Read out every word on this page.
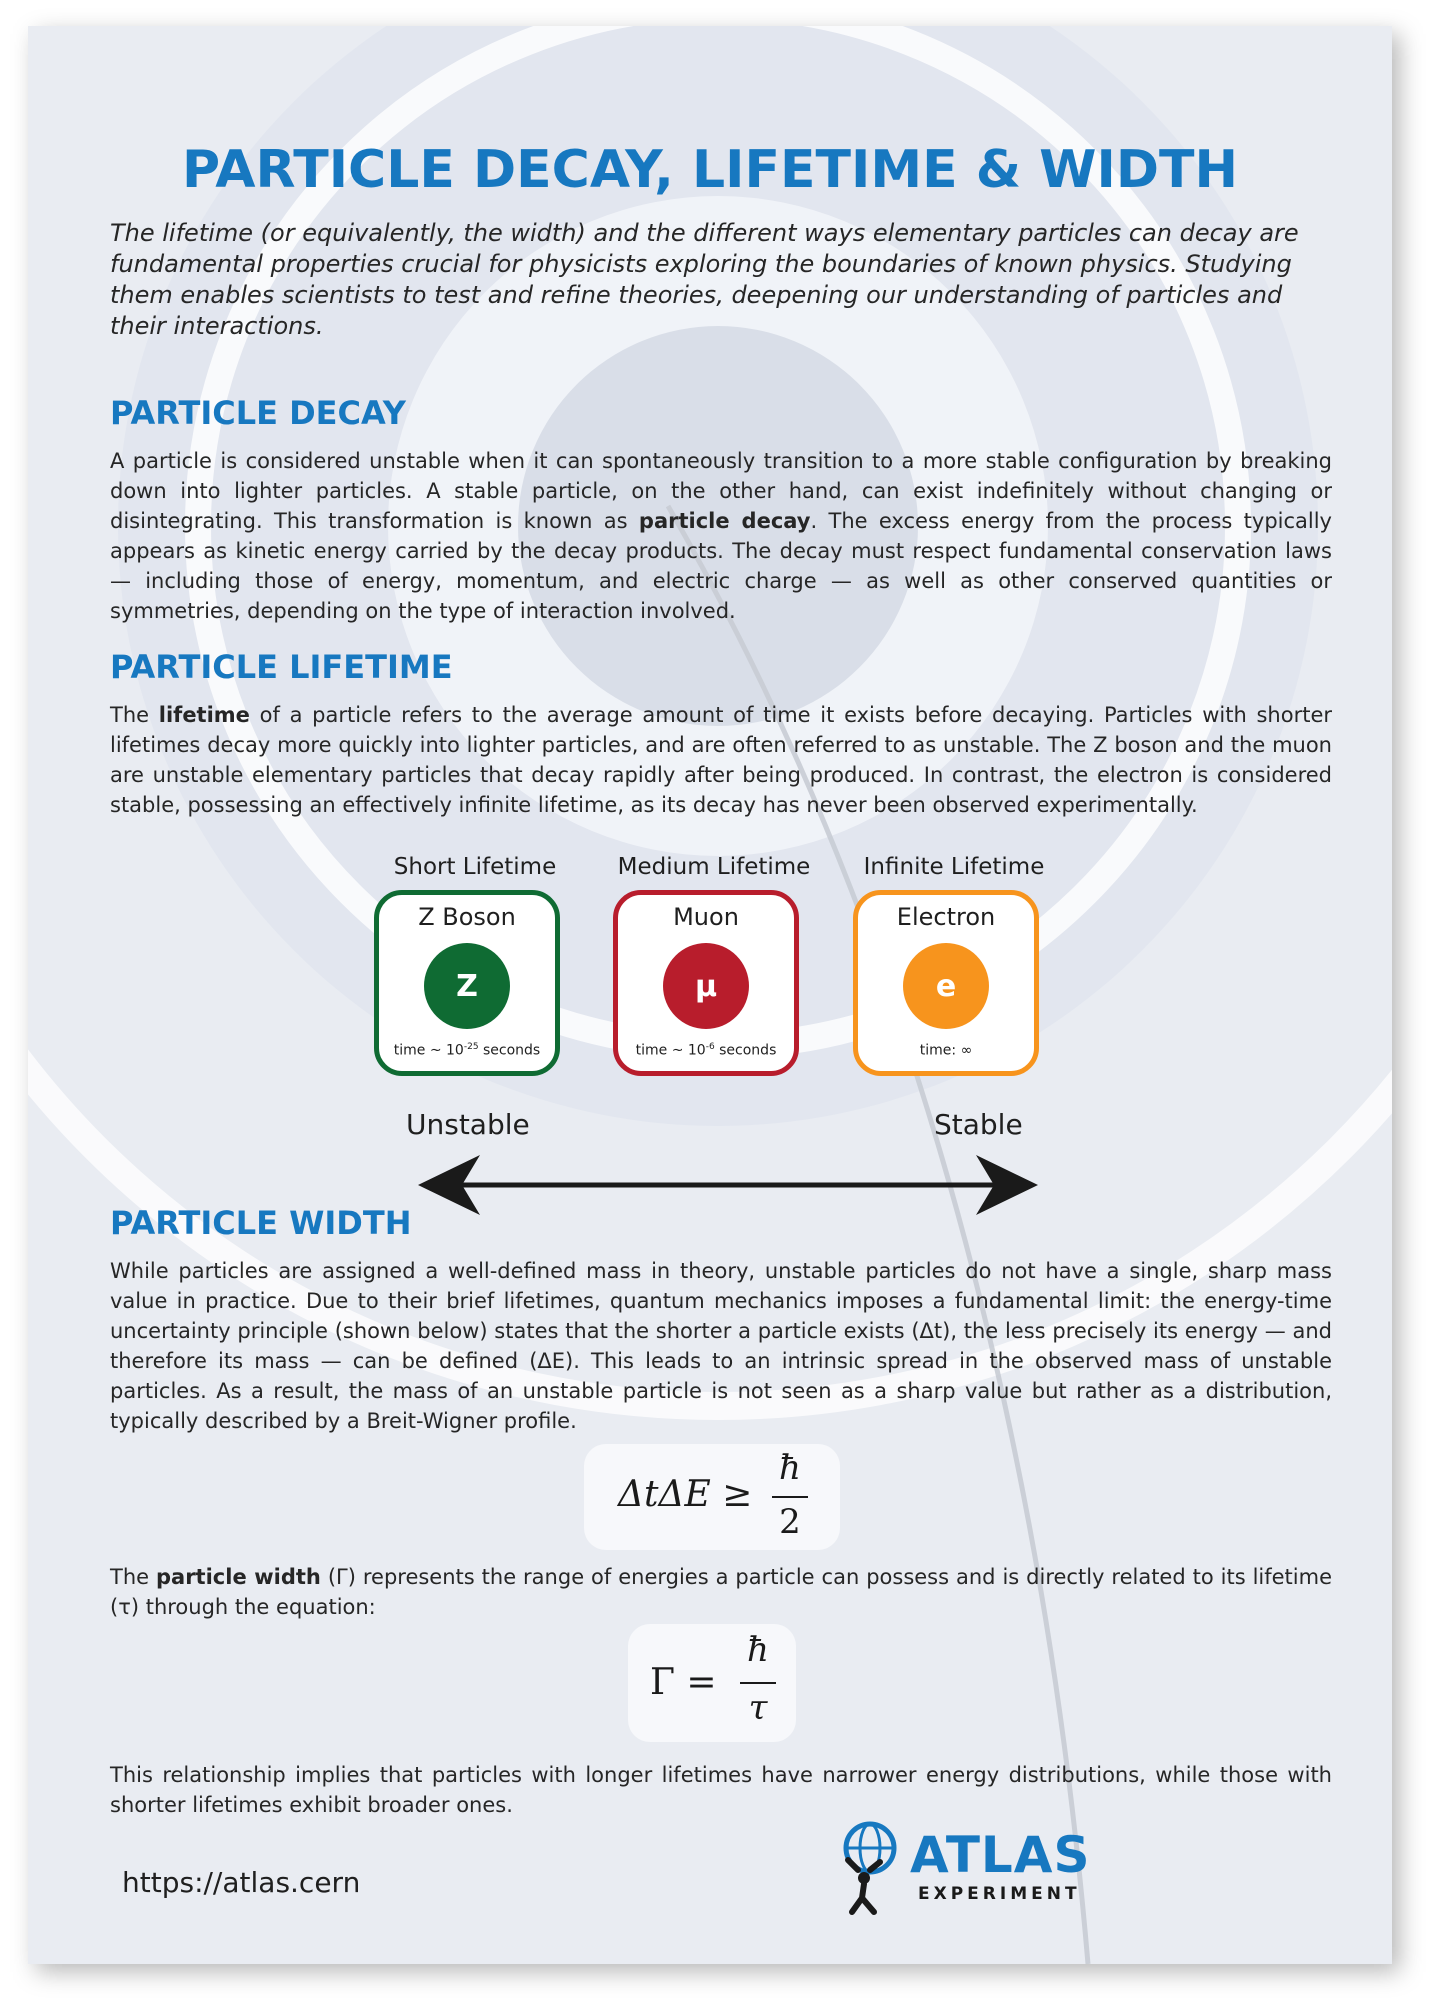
PARTICLE DECAY, LIFETIME & WIDTH

The lifetime (or equivalently, the width) and the different ways elementary particles can decay are fundamental properties crucial for physicists exploring the boundaries of known physics. Studying them enables scientists to test and refine theories, deepening our understanding of particles and their interactions.

PARTICLE DECAY

A particle is considered unstable when it can spontaneously transition to a more stable configuration by breaking down into lighter particles. A stable particle, on the other hand, can exist indefinitely without changing or disintegrating. This transformation is known as particle decay. The excess energy from the process typically appears as kinetic energy carried by the decay products. The decay must respect fundamental conservation laws — including those of energy, momentum, and electric charge — as well as other conserved quantities or symmetries, depending on the type of interaction involved.

PARTICLE LIFETIME

The lifetime of a particle refers to the average amount of time it exists before decaying. Particles with shorter lifetimes decay more quickly into lighter particles, and are often referred to as unstable. The Z boson and the muon are unstable elementary particles that decay rapidly after being produced. In contrast, the electron is considered stable, possessing an effectively infinite lifetime, as its decay has never been observed experimentally.

Short Lifetime	Medium Lifetime	Infinite Lifetime
Z Boson
Z
time ~ $10^{-25}$ seconds
Muon
μ
time ~ $10^{-6}$ seconds
Electron
e
time: ∞
Unstable	Stable
PARTICLE WIDTH

While particles are assigned a well-defined mass in theory, unstable particles do not have a single, sharp mass value in practice. Due to their brief lifetimes, quantum mechanics imposes a fundamental limit: the energy-time uncertainty principle (shown below) states that the shorter a particle exists (Δt), the less precisely its energy — and therefore its mass — can be defined (ΔE). This leads to an intrinsic spread in the observed mass of unstable particles. As a result, the mass of an unstable particle is not seen as a sharp value but rather as a distribution, typically described by a Breit-Wigner profile.

ΔtΔE ≥
ħ
2

The particle width (Γ) represents the range of energies a particle can possess and is directly related to its lifetime (τ) through the equation:

Γ =
ħ
τ

This relationship implies that particles with longer lifetimes have narrower energy distributions, while those with shorter lifetimes exhibit broader ones.

https://atlas.cern	ATLAS
EXPERIMENT
